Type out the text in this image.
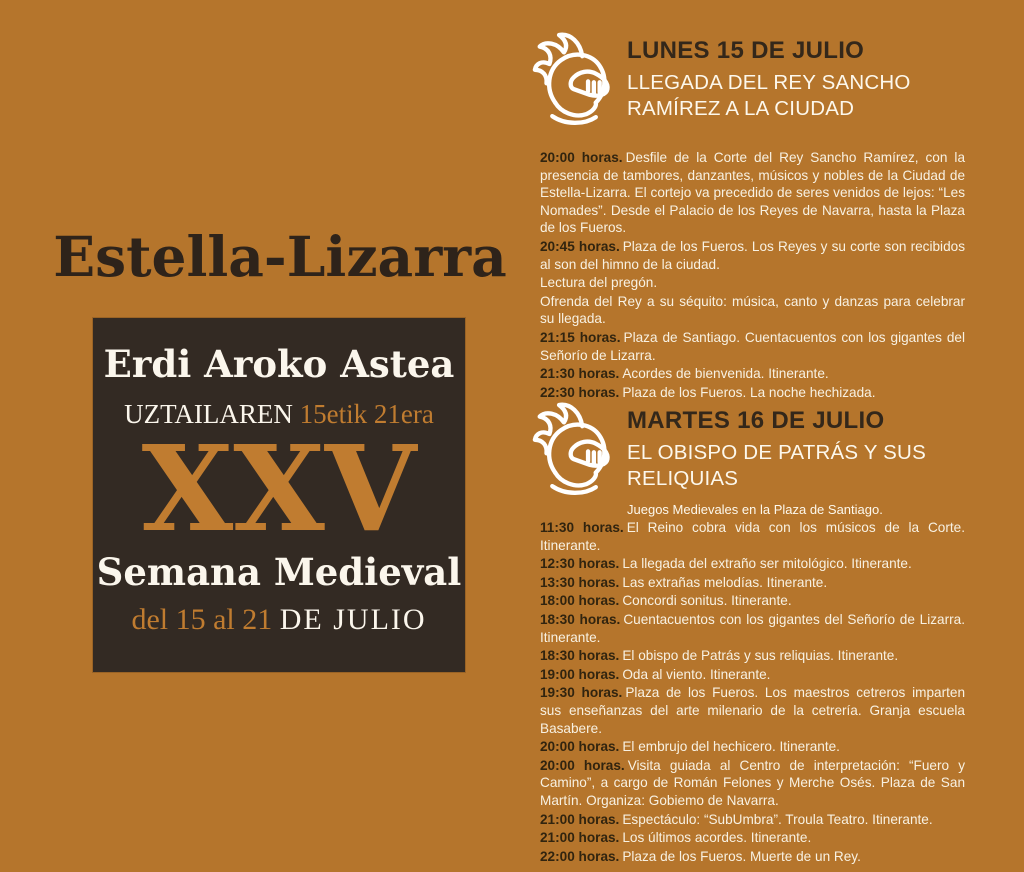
Estella-Lizarra
Erdi Aroko Astea
UZTAILAREN 15etik 21era
XXV
Semana Medieval
del 15 al 21 DE JULIO
LUNES 15 DE JULIO
LLEGADA DEL REY SANCHO RAMÍREZ A LA CIUDAD

20:00 horas. Desfile de la Corte del Rey Sancho Ramírez, con la presencia de tambores, danzantes, músicos y nobles de la Ciudad de Estella-Lizarra. El cortejo va precedido de seres venidos de lejos: “Les Nomades”. Desde el Palacio de los Reyes de Navarra, hasta la Plaza de los Fueros.

20:45 horas. Plaza de los Fueros. Los Reyes y su corte son recibidos al son del himno de la ciudad.

Lectura del pregón.

Ofrenda del Rey a su séquito: música, canto y danzas para celebrar su llegada.

21:15 horas. Plaza de Santiago. Cuentacuentos con los gigantes del Señorío de Lizarra.

21:30 horas. Acordes de bienvenida. Itinerante.

22:30 horas. Plaza de los Fueros. La noche hechizada.

MARTES 16 DE JULIO
EL OBISPO DE PATRÁS Y SUS RELIQUIAS
Juegos Medievales en la Plaza de Santiago.

11:30 horas. El Reino cobra vida con los músicos de la Corte. Itinerante.

12:30 horas. La llegada del extraño ser mitológico. Itinerante.

13:30 horas. Las extrañas melodías. Itinerante.

18:00 horas. Concordi sonitus. Itinerante.

18:30 horas. Cuentacuentos con los gigantes del Señorío de Lizarra. Itinerante.

18:30 horas. El obispo de Patrás y sus reliquias. Itinerante.

19:00 horas. Oda al viento. Itinerante.

19:30 horas. Plaza de los Fueros. Los maestros cetreros imparten sus enseñanzas del arte milenario de la cetrería. Granja escuela Basabere.

20:00 horas. El embrujo del hechicero. Itinerante.

20:00 horas. Visita guiada al Centro de interpretación: “Fuero y Camino”, a cargo de Román Felones y Merche Osés. Plaza de San Martín. Organiza: Gobiemo de Navarra.

21:00 horas. Espectáculo: “SubUmbra”. Troula Teatro. Itinerante.

21:00 horas. Los últimos acordes. Itinerante.

22:00 horas. Plaza de los Fueros. Muerte de un Rey.
